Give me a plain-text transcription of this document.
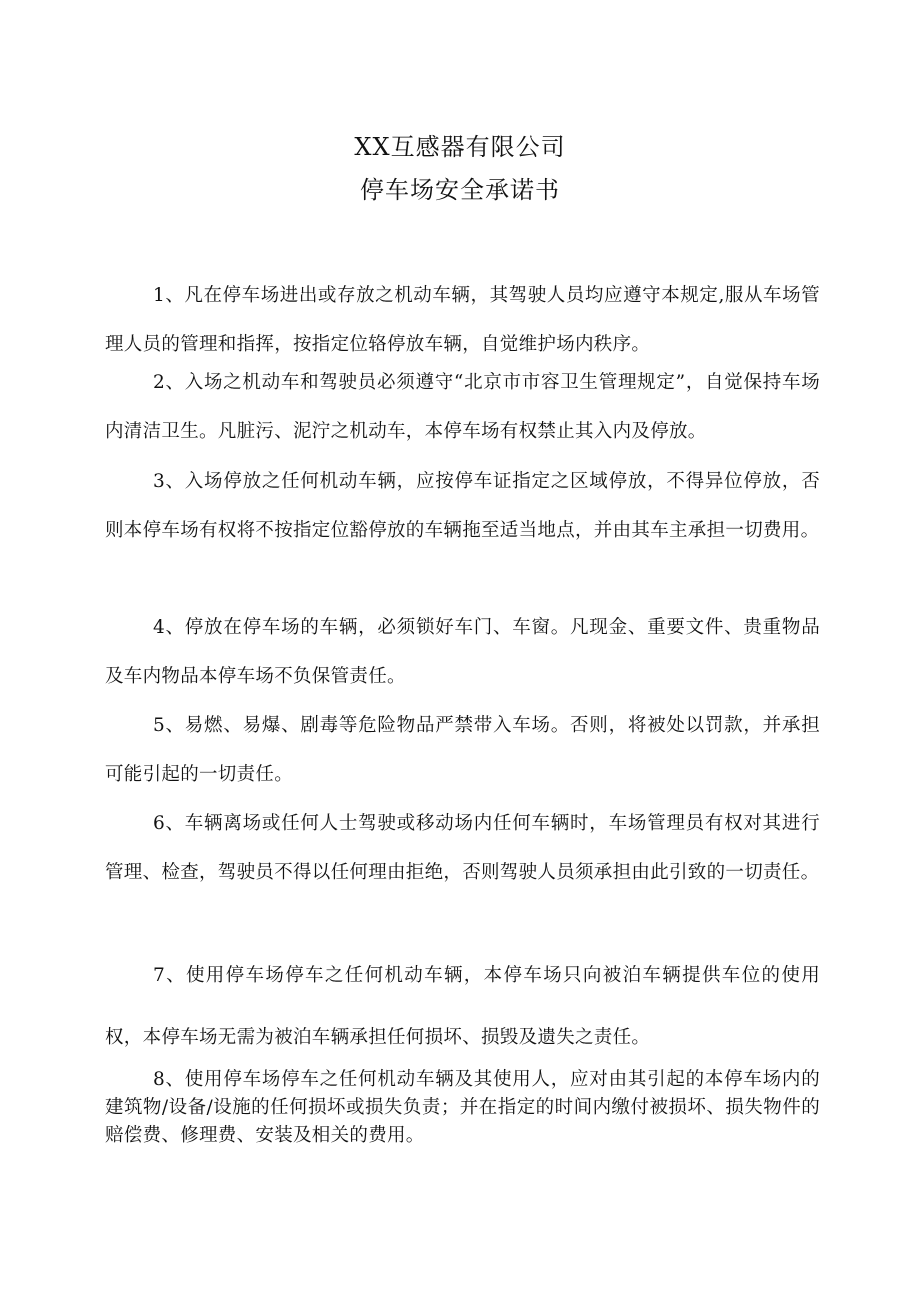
XX互感器有限公司
停车场安全承诺书

1、凡在停车场进出或存放之机动车辆，其驾驶人员均应遵守本规定,服从车场管理人员的管理和指挥，按指定位辂停放车辆，自觉维护场内秩序。

2、入场之机动车和驾驶员必须遵守“北京市市容卫生管理规定”，自觉保持车场内清洁卫生。凡脏污、泥泞之机动车，本停车场有权禁止其入内及停放。

3、入场停放之任何机动车辆，应按停车证指定之区域停放，不得异位停放，否则本停车场有权将不按指定位豁停放的车辆拖至适当地点，并由其车主承担一切费用。

4、停放在停车场的车辆，必须锁好车门、车窗。凡现金、重要文件、贵重物品及车内物品本停车场不负保管责任。

5、易燃、易爆、剧毒等危险物品严禁带入车场。否则，将被处以罚款，并承担可能引起的一切责任。

6、车辆离场或任何人士驾驶或移动场内任何车辆时，车场管理员有权对其进行管理、检查，驾驶员不得以任何理由拒绝，否则驾驶人员须承担由此引致的一切责任。

7、使用停车场停车之任何机动车辆，本停车场只向被泊车辆提供车位的使用权，本停车场无需为被泊车辆承担任何损坏、损毁及遗失之责任。

8、使用停车场停车之任何机动车辆及其使用人，应对由其引起的本停车场内的建筑物/设备/设施的任何损坏或损失负责；并在指定的时间内缴付被损坏、损失物件的赔偿费、修理费、安装及相关的费用。
